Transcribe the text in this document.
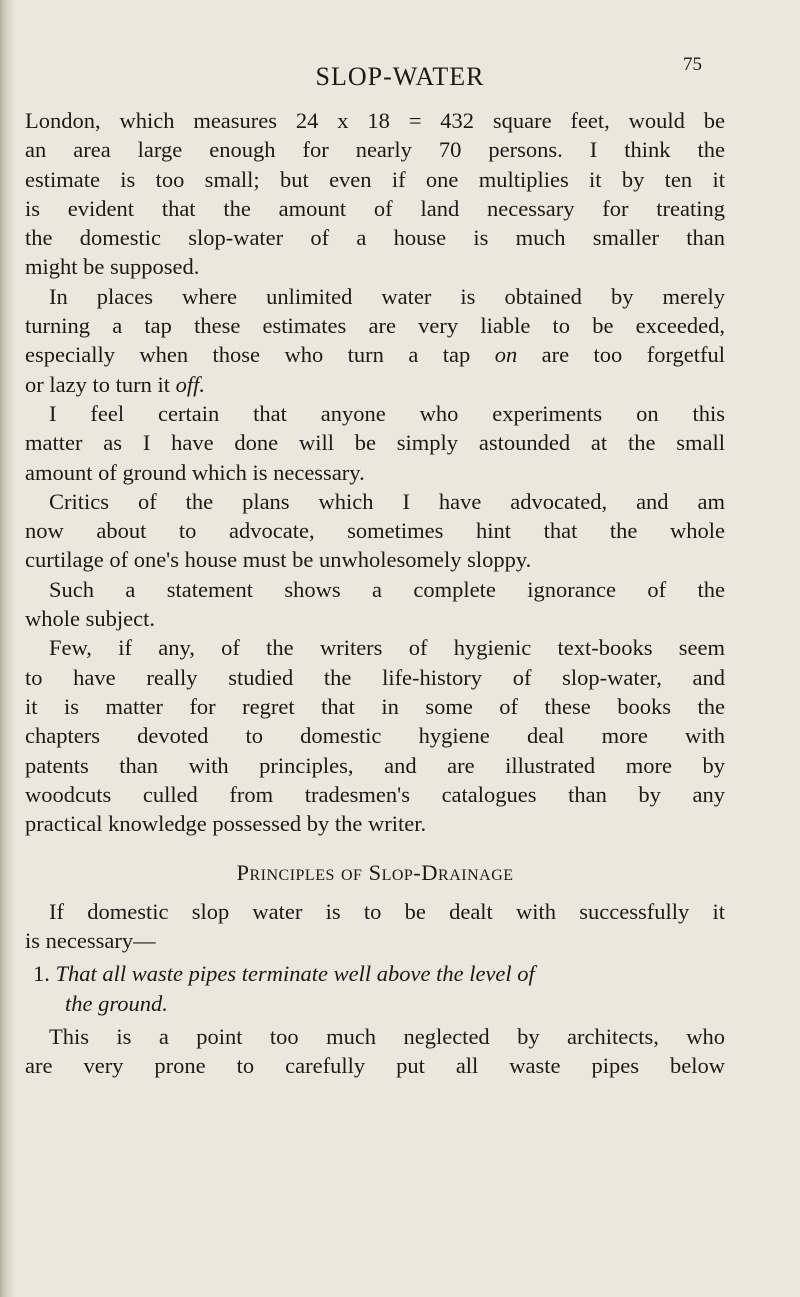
SLOP-WATER	75
London, which measures 24 x 18 = 432 square feet, would be
an area large enough for nearly 70 persons. I think the
estimate is too small; but even if one multiplies it by ten it
is evident that the amount of land necessary for treating
the domestic slop-water of a house is much smaller than
might be supposed.
In places where unlimited water is obtained by merely
turning a tap these estimates are very liable to be exceeded,
especially when those who turn a tap on are too forgetful
or lazy to turn it off.
I feel certain that anyone who experiments on this
matter as I have done will be simply astounded at the small
amount of ground which is necessary.
Critics of the plans which I have advocated, and am
now about to advocate, sometimes hint that the whole
curtilage of one's house must be unwholesomely sloppy.
Such a statement shows a complete ignorance of the
whole subject.
Few, if any, of the writers of hygienic text-books seem
to have really studied the life-history of slop-water, and
it is matter for regret that in some of these books the
chapters devoted to domestic hygiene deal more with
patents than with principles, and are illustrated more by
woodcuts culled from tradesmen's catalogues than by any
practical knowledge possessed by the writer.
Principles of Slop-Drainage
If domestic slop water is to be dealt with successfully it
is necessary—
1. That all waste pipes terminate well above the level of
the ground.
This is a point too much neglected by architects, who
are very prone to carefully put all waste pipes below
